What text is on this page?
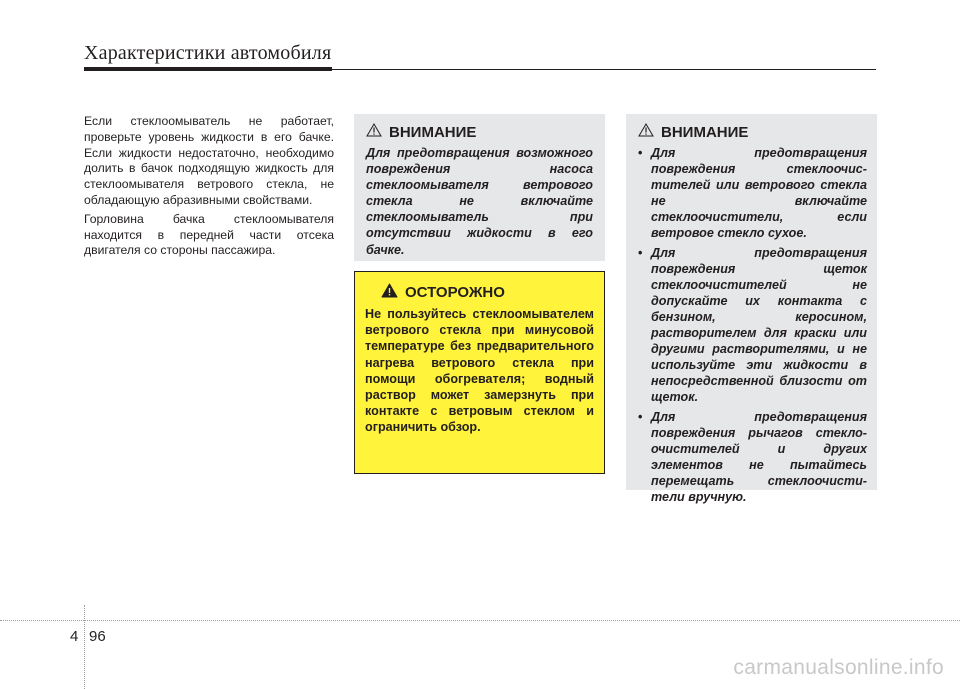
Характеристики автомобиля

Если стеклоомыватель не работает, проверьте уровень жидкости в его бачке. Если жидкости недостаточно, необходимо долить в бачок подходящую жидкость для стеклоомывателя ветрового стекла, не обладающую абразивными свойствами.

Горловина бачка стеклоомывателя находится в передней части отсека двигателя со стороны пассажира.

ВНИМАНИЕ
Для предотвращения возможного повреждения насоса стеклоомывателя ветрового стекла не включайте стеклоомыватель при отсутствии жидкости в его бачке.
ОСТОРОЖНО
Не пользуйтесь стеклоомывателем ветрового стекла при минусовой температуре без предварительного нагрева ветрового стекла при помощи обогревателя; водный раствор может замерзнуть при контакте с ветровым стеклом и ограничить обзор.
ВНИМАНИЕ
• Для предотвращения повреждения стеклоочис-тителей или ветрового стекла не включайте стеклоочистители, если ветровое стекло сухое.
• Для предотвращения повреждения щеток стеклоочистителей не допускайте их контакта с бензином, керосином, растворителем для краски или другими растворителями, и не используйте эти жидкости в непосредственной близости от щеток.
• Для предотвращения повреждения рычагов стекло-очистителей и других элементов не пытайтесь перемещать стеклоочисти-тели вручную.
4 96
carmanualsonline.info
